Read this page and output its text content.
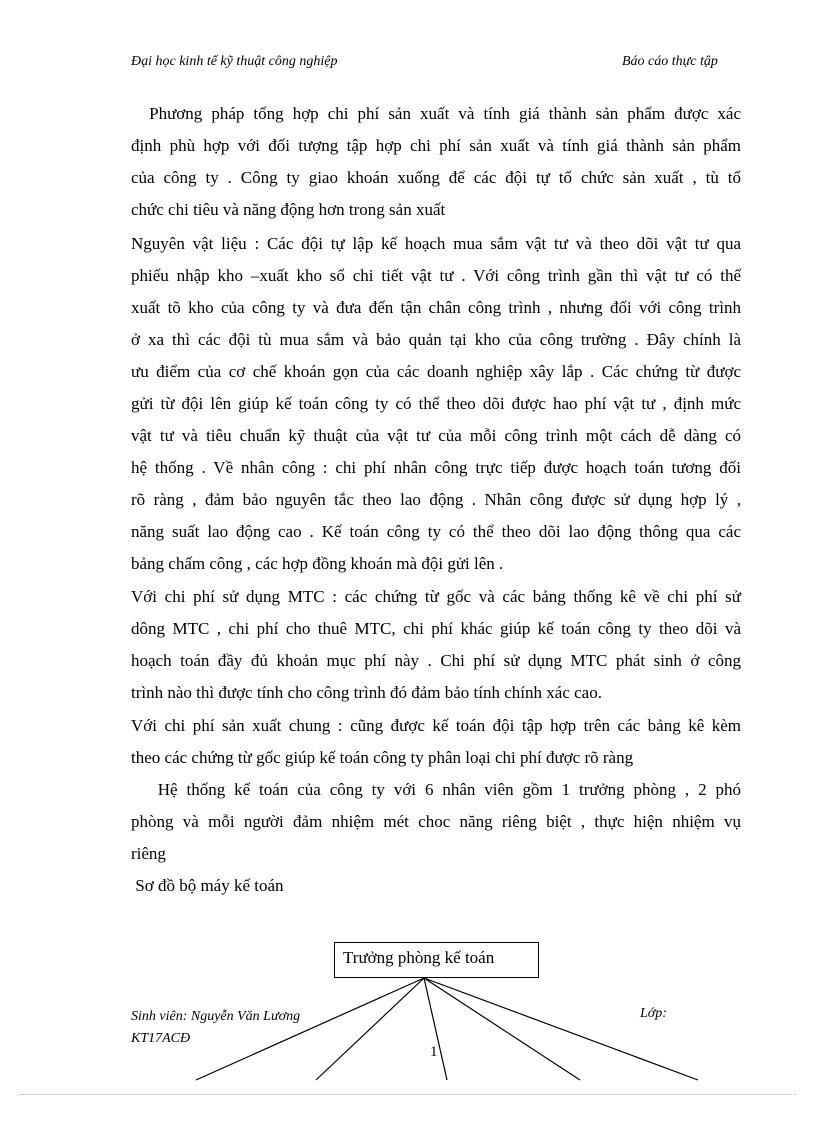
Đại học kinh tế kỹ thuật công nghiệp	Báo cáo thực tập
Phương pháp tổng hợp chi phí sản xuất và tính giá thành sản phẩm được xác
định phù hợp với đối tượng tập hợp chi phí sản xuất và tính giá thành sản phẩm
của công ty . Công ty giao khoán xuống để các đội tự tổ chức sản xuất , tù tổ
chức chi tiêu và năng động hơn trong sản xuất
Nguyên vật liệu : Các đội tự lập kế hoạch mua sắm vật tư và theo dõi vật tư qua
phiếu nhập kho –xuất kho sổ chi tiết vật tư . Với công trình gần thì vật tư có thể
xuất tõ kho của công ty và đưa đến tận chân công trình , nhưng đối với công trình
ở xa thì các đội tù mua sắm và bảo quản tại kho của công trường . Đây chính là
ưu điểm của cơ chế khoán gọn của các doanh nghiệp xây lắp . Các chứng từ được
gửi từ đội lên giúp kế toán công ty có thể theo dõi được hao phí vật tư , định mức
vật tư và tiêu chuẩn kỹ thuật của vật tư của mỗi công trình một cách dễ dàng có
hệ thống . Về nhân công : chi phí nhân công trực tiếp được hoạch toán tương đối
rõ ràng , đảm bảo nguyên tắc theo lao động . Nhân công được sử dụng hợp lý ,
năng suất lao động cao . Kế toán công ty có thể theo dõi lao động thông qua các
bảng chấm công , các hợp đồng khoán mà đội gửi lên .
Với chi phí sử dụng MTC : các chứng từ gốc và các bảng thống kê về chi phí sử
dông MTC , chi phí cho thuê MTC, chi phí khác giúp kế toán công ty theo dõi và
hoạch toán đầy đủ khoản mục phí này . Chi phí sử dụng MTC phát sinh ở công
trình nào thì được tính cho công trình đó đảm bảo tính chính xác cao.
Với chi phí sản xuất chung : cũng được kế toán đội tập hợp trên các bảng kê kèm
theo các chứng từ gốc giúp kế toán công ty phân loại chi phí được rõ ràng
Hệ thống kế toán của công ty với 6 nhân viên gồm 1 trưởng phòng , 2 phó
phòng và mỗi người đảm nhiệm mét choc năng riêng biệt , thực hiện nhiệm vụ
riêng
Sơ đồ bộ máy kế toán
Trưởng phòng kế toán
Sinh viên: Nguyễn Văn Lương
KT17ACĐ
Lớp:
1
